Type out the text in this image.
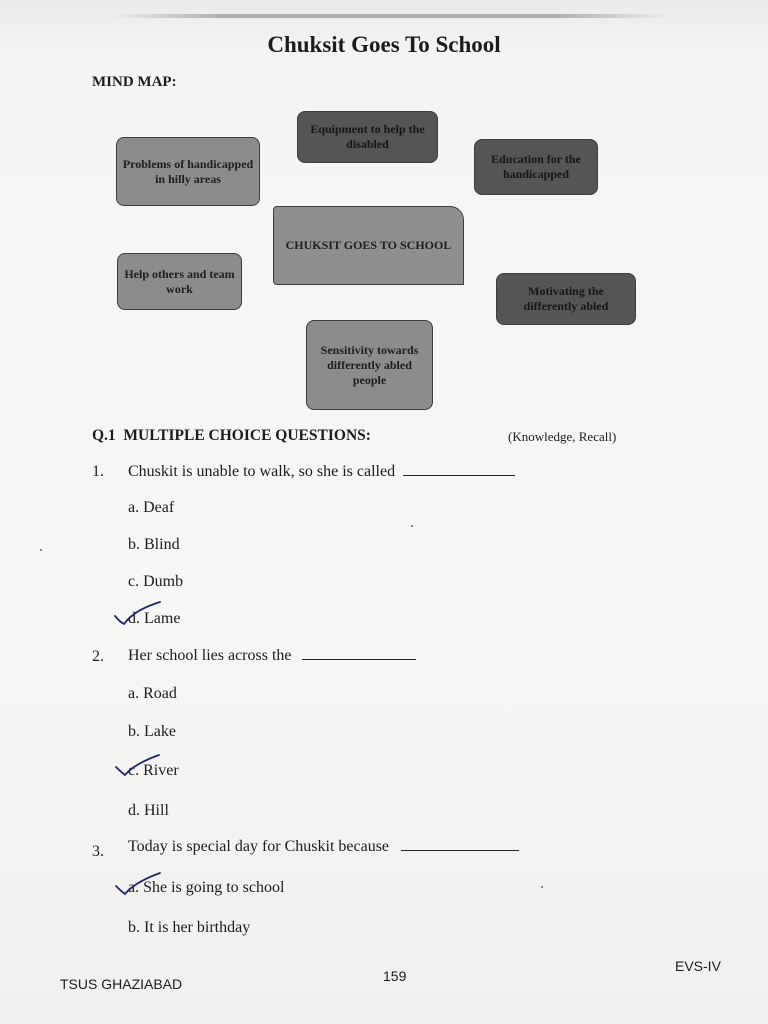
Chuksit Goes To School
MIND MAP:
Problems of handicapped in hilly areas
Equipment to help the disabled
Education for the handicapped
CHUKSIT GOES TO SCHOOL
Help others and team work	Motivating the differently abled
Sensitivity towards differently abled people
Q.1  MULTIPLE CHOICE QUESTIONS:	(Knowledge, Recall)
1. Chuskit is unable to walk, so she is called
a. Deaf
b. Blind
c. Dumb
d. Lame
2. Her school lies across the
a. Road
b. Lake
c. River
d. Hill
3. Today is special day for Chuskit because
a. She is going to school
b. It is her birthday
TSUS GHAZIABAD	159
EVS-IV
